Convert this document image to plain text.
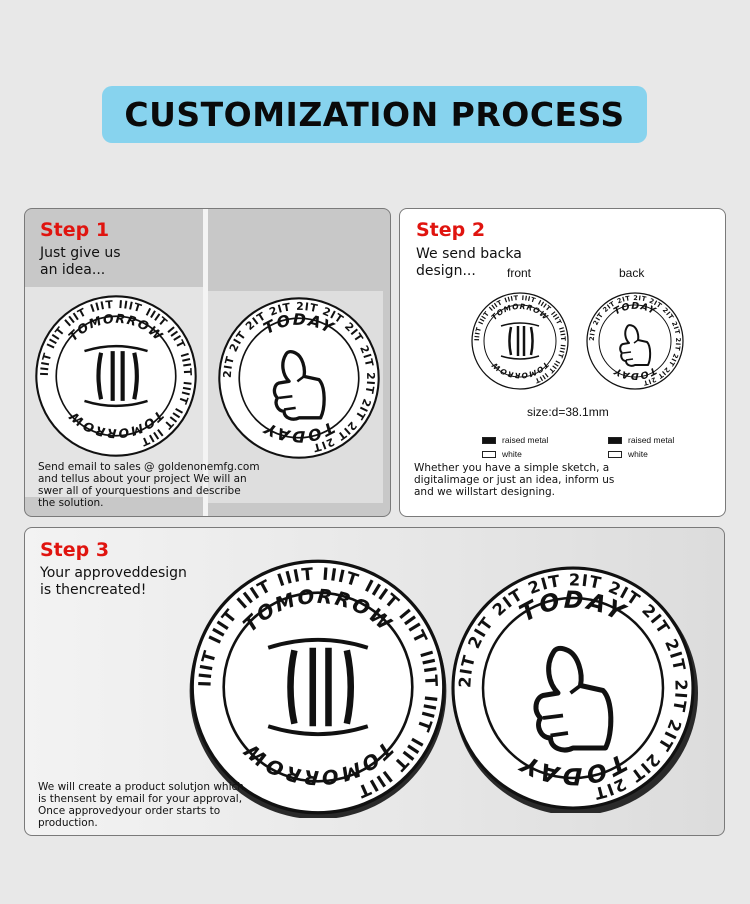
CUSTOMIZATION PROCESS
Step 1
Just give us
an idea...
Send email to sales @ goldenonemfg.com
and tellus about your project We will an
swer all of yourquestions and describe
the solution.
Step 2
We send backa
design...	front	back
size:d=38.1mm
raised metal
white
raised metal
white
Whether you have a simple sketch, a
digitalimage or just an idea, inform us
and we willstart designing.
Step 3
Your approveddesign
is thencreated!
We will create a product solutjon which
is thensent by email for your approval,
Once approvedyour order starts to
production.
